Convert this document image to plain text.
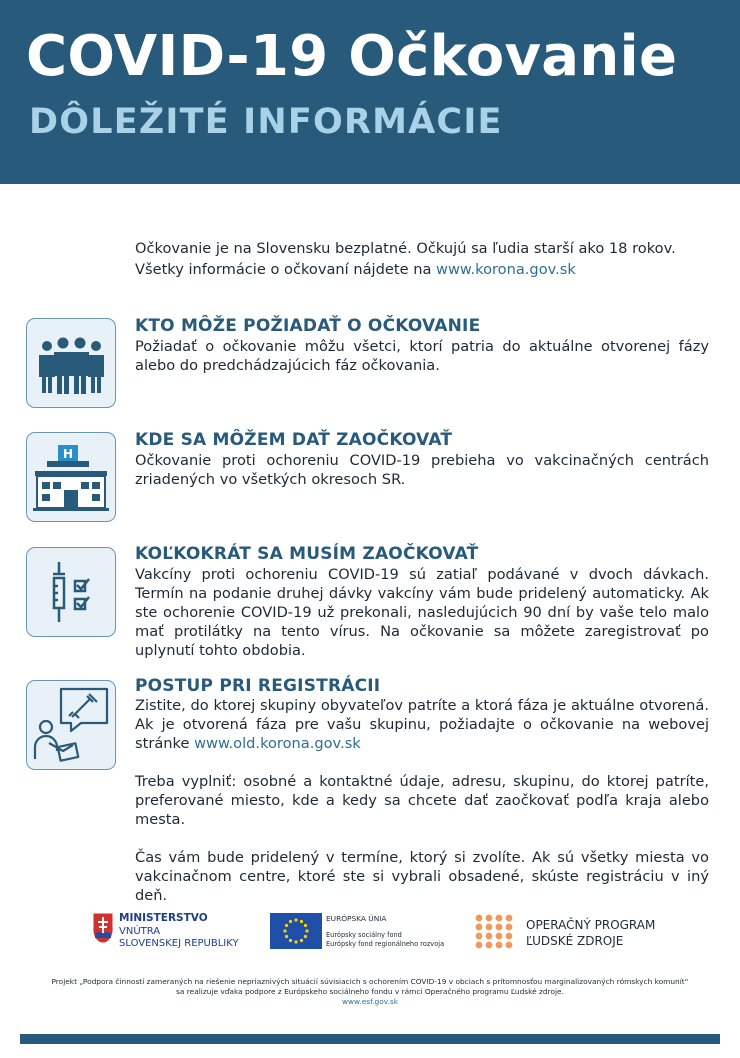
COVID-19 Očkovanie
DÔLEŽITÉ INFORMÁCIE
Očkovanie je na Slovensku bezplatné. Očkujú sa ľudia starší ako 18 rokov.
Všetky informácie o očkovaní nájdete na www.korona.gov.sk
KTO MÔŽE POŽIADAŤ O OČKOVANIE
Požiadať o očkovanie môžu všetci, ktorí patria do aktuálne otvorenej fázy alebo do predchádzajúcich fáz očkovania.
H
KDE SA MÔŽEM DAŤ ZAOČKOVAŤ
Očkovanie proti ochoreniu COVID-19 prebieha vo vakcinačných centrách zriadených vo všetkých okresoch SR.
KOĽKOKRÁT SA MUSÍM ZAOČKOVAŤ
Vakcíny proti ochoreniu COVID-19 sú zatiaľ podávané v dvoch dávkach. Termín na podanie druhej dávky vakcíny vám bude pridelený automaticky. Ak ste ochorenie COVID-19 už prekonali, nasledujúcich 90 dní by vaše telo malo mať protilátky na tento vírus. Na očkovanie sa môžete zaregistrovať po uplynutí tohto obdobia.
POSTUP PRI REGISTRÁCII

Zistite, do ktorej skupiny obyvateľov patríte a ktorá fáza je aktuálne otvorená. Ak je otvorená fáza pre vašu skupinu, požiadajte o očkovanie na webovej stránke www.old.korona.gov.sk

Treba vyplniť: osobné a kontaktné údaje, adresu, skupinu, do ktorej patríte, preferované miesto, kde a kedy sa chcete dať zaočkovať podľa kraja alebo mesta.

Čas vám bude pridelený v termíne, ktorý si zvolíte. Ak sú všetky miesta vo vakcinačnom centre, ktoré ste si vybrali obsadené, skúste registráciu v iný deň.

MINISTERSTVO
VNÚTRA
SLOVENSKEJ REPUBLIKY
EURÓPSKA ÚNIA
Európsky sociálny fond
Európsky fond regionálneho rozvoja
OPERAČNÝ PROGRAM
ĽUDSKÉ ZDROJE
Projekt „Podpora činností zameraných na riešenie nepriaznivých situácií súvisiacich s ochorením COVID-19 v obciach s prítomnosťou marginalizovaných rómskych komunít“
sa realizuje vďaka podpore z Európskeho sociálneho fondu v rámci Operačného programu Ľudské zdroje.
www.esf.gov.sk
